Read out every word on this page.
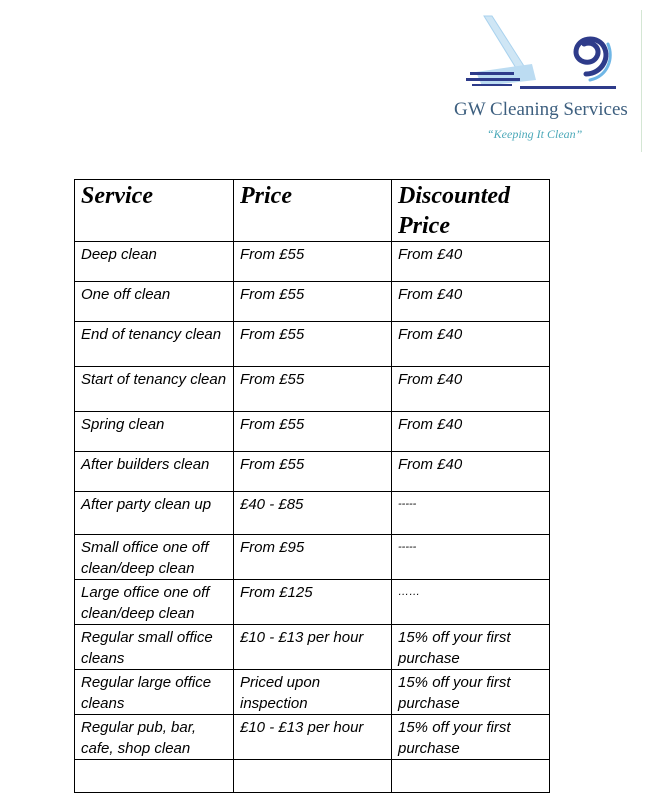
GW Cleaning Services
“Keeping It Clean”
Service	Price	Discounted Price
Deep clean	From £55	From £40
One off clean	From £55	From £40
End of tenancy clean	From £55	From £40
Start of tenancy clean	From £55	From £40
Spring clean	From £55	From £40
After builders clean	From £55	From £40
After party clean up	£40 - £85	-----
Small office one off clean/deep clean	From £95	-----
Large office one off clean/deep clean	From £125	……
Regular small office cleans	£10 - £13 per hour	15% off your first purchase
Regular large office cleans	Priced upon inspection	15% off your first purchase
Regular pub, bar, cafe, shop clean	£10 - £13 per hour	15% off your first purchase
